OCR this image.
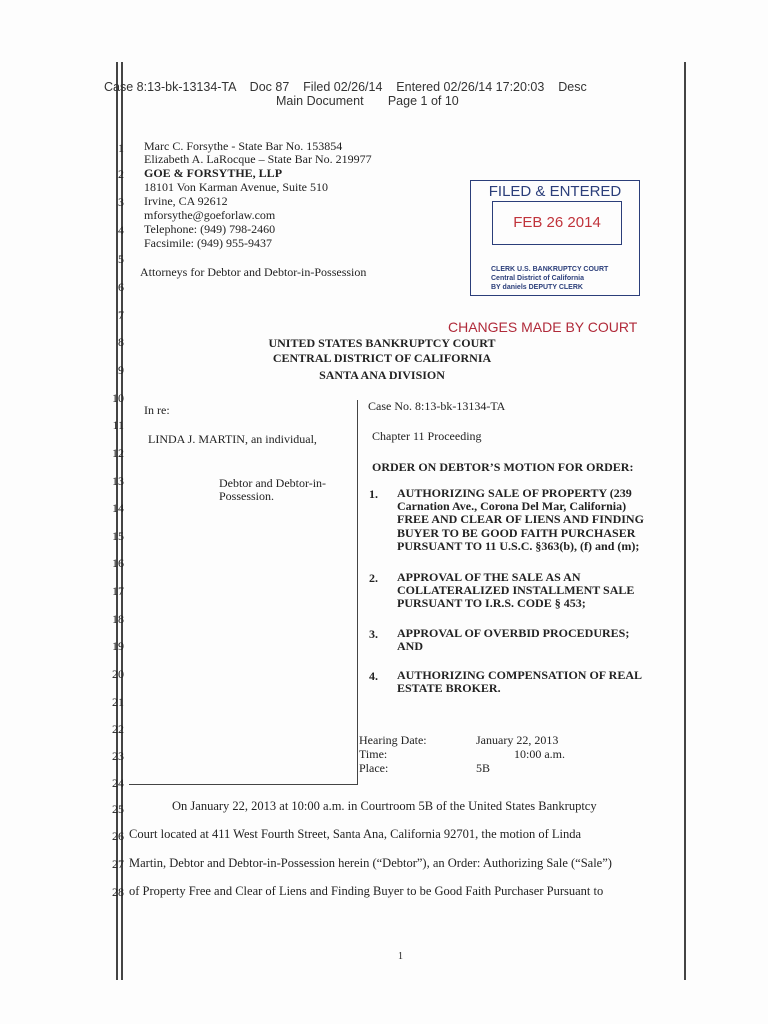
Case 8:13-bk-13134-TA    Doc 87    Filed 02/26/14    Entered 02/26/14 17:20:03    Desc
Main Document       Page 1 of 10
1
2
3
4
5
6
7
8
9
10
11
12
13
14
15
16
17
18
19
20
21
22
23
24
25
26
27
28
Marc C. Forsythe - State Bar No. 153854
Elizabeth A. LaRocque – State Bar No. 219977
GOE & FORSYTHE, LLP
18101 Von Karman Avenue, Suite 510
Irvine, CA 92612
mforsythe@goeforlaw.com
Telephone: (949) 798-2460
Facsimile: (949) 955-9437
Attorneys for Debtor and Debtor-in-Possession
FILED & ENTERED
FEB 26 2014
CLERK U.S. BANKRUPTCY COURT
Central District of California
BY daniels DEPUTY CLERK
CHANGES MADE BY COURT
UNITED STATES BANKRUPTCY COURT
CENTRAL DISTRICT OF CALIFORNIA
SANTA ANA DIVISION
In re:
LINDA J. MARTIN, an individual,
Debtor and Debtor-in-
Possession.
Case No. 8:13-bk-13134-TA
Chapter 11 Proceeding
ORDER ON DEBTOR’S MOTION FOR ORDER:
1. AUTHORIZING SALE OF PROPERTY (239
Carnation Ave., Corona Del Mar, California)
FREE AND CLEAR OF LIENS AND FINDING
BUYER TO BE GOOD FAITH PURCHASER
PURSUANT TO 11 U.S.C. §363(b), (f) and (m);
2. APPROVAL OF THE SALE AS AN
COLLATERALIZED INSTALLMENT SALE
PURSUANT TO I.R.S. CODE § 453;
3. APPROVAL OF OVERBID PROCEDURES;
AND
4. AUTHORIZING COMPENSATION OF REAL
ESTATE BROKER.
Hearing Date:	January 22, 2013
Time:	10:00 a.m.
Place:	5B
On January 22, 2013 at 10:00 a.m. in Courtroom 5B of the United States Bankruptcy
Court located at 411 West Fourth Street, Santa Ana, California 92701, the motion of Linda
Martin, Debtor and Debtor-in-Possession herein (“Debtor”), an Order: Authorizing Sale (“Sale”)
of Property Free and Clear of Liens and Finding Buyer to be Good Faith Purchaser Pursuant to
1
